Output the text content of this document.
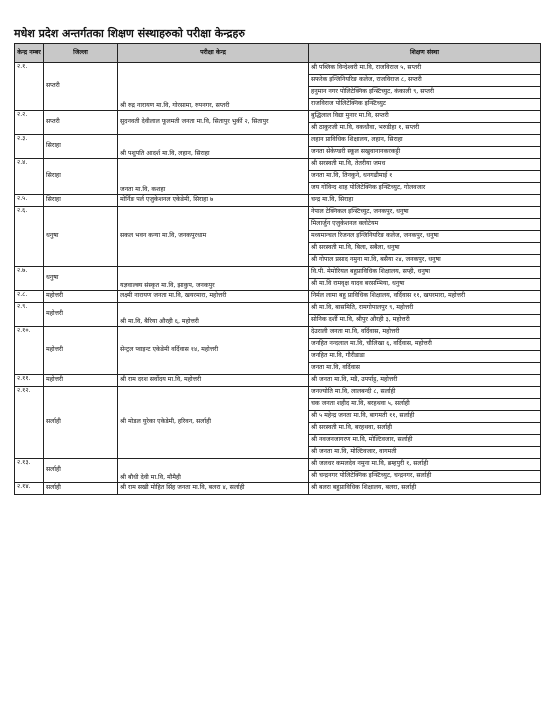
मधेश प्रदेश अन्तर्गतका शिक्षण संस्थाहरुको परीक्षा केन्द्रहरु
केन्द्र नम्बर	जिल्ला	परीक्षा केन्द्र	शिक्षण संस्था
२.१.	सप्तरी	श्री रुद्र नारायण मा.वि, गोरसामा, रुपनगर, सप्तरी	श्री पब्लिक विन्देश्वरी मा.वि, राजविराज ५, सप्तरी
			सफरेक इन्जिनियरिङ कलेज, राजविराज ८, सप्तरी
			हनुमान नगर पोलिटेक्निक इन्स्टिच्युट, कंकाली ९, सप्तरी
			राजविराज पोलिटेक्निक इन्स्टिच्युट
२.२.	सप्तरी	सुदनवती देवीलाल फूलमती जनता मा.वि, सितापुर भुर्की २, सितापुर	बुद्धिलाल विद्या मुनार मा.वि, सप्तरी
			श्री ठाकुरजी मा.वि, वकधौवा, भरुडीहा १, सप्तरी
२.३.	सिराहा	श्री पशुपति आदर्श मा.वि, लहान, सिराहा	लहान प्राविधिक शिक्षालय, लहान, सिराहा
			जनता सेकेण्डरी स्कूल सखुवानानकरकट्टी
२.४.	सिराहा	जनता मा.वि, कशहा	श्री सरस्वती मा.वि, तेतरीया जमध
			जनता मा.वि, तिनकुने, धनगढीमाई १
			जय गोविन्द शाह पोलिटेक्निक इन्स्टिच्युट, गोलवजार
२.५.	सिराहा	मोर्निङ पर्ल एजुकेशनल एकेडेमी, सिराहा ७	चन्द्र मा.वि, सिराहा
२.६.	धनुषा	सकल भवन कन्या मा.वि, जनकपुरधाम	नेपाल टेक्निकल इन्स्टिच्युट, जनकपुर, धनुषा
			मिलार्जुन एजुकेशनल क्लोटेयम
			मध्यमान्चल रिजनल इन्जिनियरिङ कलेज, जनकपुर, धनुषा
			श्री सरस्वती मा.वि, बिला, सबैला, धनुषा
			श्री गोपाल प्रसाद नमुना मा.वि, बसैया २४, जनकपुर, धनुषा
२.७.	धनुषा	यज्ञवाल्क्य संस्कृत मा.वि, झाकुप, जनकपुर	वि.पी. मेमोरियल बहुप्राविधिक शिक्षालय, सप्ही, धनुषा
			श्री मा.वि रामवृक्ष यादव बरसम्भिया, धनुषा
२.८.	महोत्तरी	लक्ष्मी नारायण जनता मा.वि, खयरमारा, महोत्तरी	निर्मल लामा बहु प्राविधिक शिक्षालय, वर्दिवास ११, खयरमारा, महोत्तरी
२.९.	महोत्तरी	श्री मा.वि, बैरिया औरही ६, महोत्तरी	श्री मा.वि, बासमिति, रामगोपालपुर ९, महोत्तरी
			सोनिक दर्शी मा.वि, श्रीपुर औरही ३, महोत्तरी
२.१०.	महोत्तरी	सेन्ट्रल प्वाइन्ट एकेडेमी वर्दिवास १४, महोत्तरी	देउराली जनता मा.वि, वर्दिवास, महोत्तरी
			जनहित नन्दलाल मा.वि, चौलिखा ६, वर्दिवास, महोत्तरी
			जनहित मा.वि, गौरीडाडा
			जनता मा.वि, वर्दिवास
२.११.	महोत्तरी	श्री राम दरश सर्वोदय मा.वि, महोत्तरी	श्री जनता मा.वि, मडै, उपर्पाट्ट, महोत्तरी
२.१२.	सर्लाही	श्री मोडल युरेका एकेडेमी, हरिवन, सर्लाही	जनज्योति मा.वि, लालबन्दी ८, सर्लाही
			चक जनता शहीद मा.वि, बरहथवा ५, सर्लाही
			श्री ५ महेन्द्र जनता मा.वि, बागमती ११, सर्लाही
			श्री सरस्वती मा.वि, बरहथवा, सर्लाही
			श्री नवजनजागरण मा.वि, मोल्टिवजार, सर्लाही
			श्री जनता मा.वि, मोल्टिवजार, वागमती
२.१३.	सर्लाही	श्री बौधी देवी मा.वि, मौमैही	श्री जलधर कमलदेव नमुना मा.वि, ब्रम्हपुरी १, सर्लाही
			श्री चन्द्रनगर पोलिटेक्निक इन्स्टिच्युट, चन्द्रनगर, सर्लाही
२.१४.	सर्लाही	श्री राम सखी मोहित सिंह जनता मा.वि, बलरा ४, सर्लाही	श्री बलरा बहुप्राविधिक शिक्षालय, बलरा, सर्लाही
